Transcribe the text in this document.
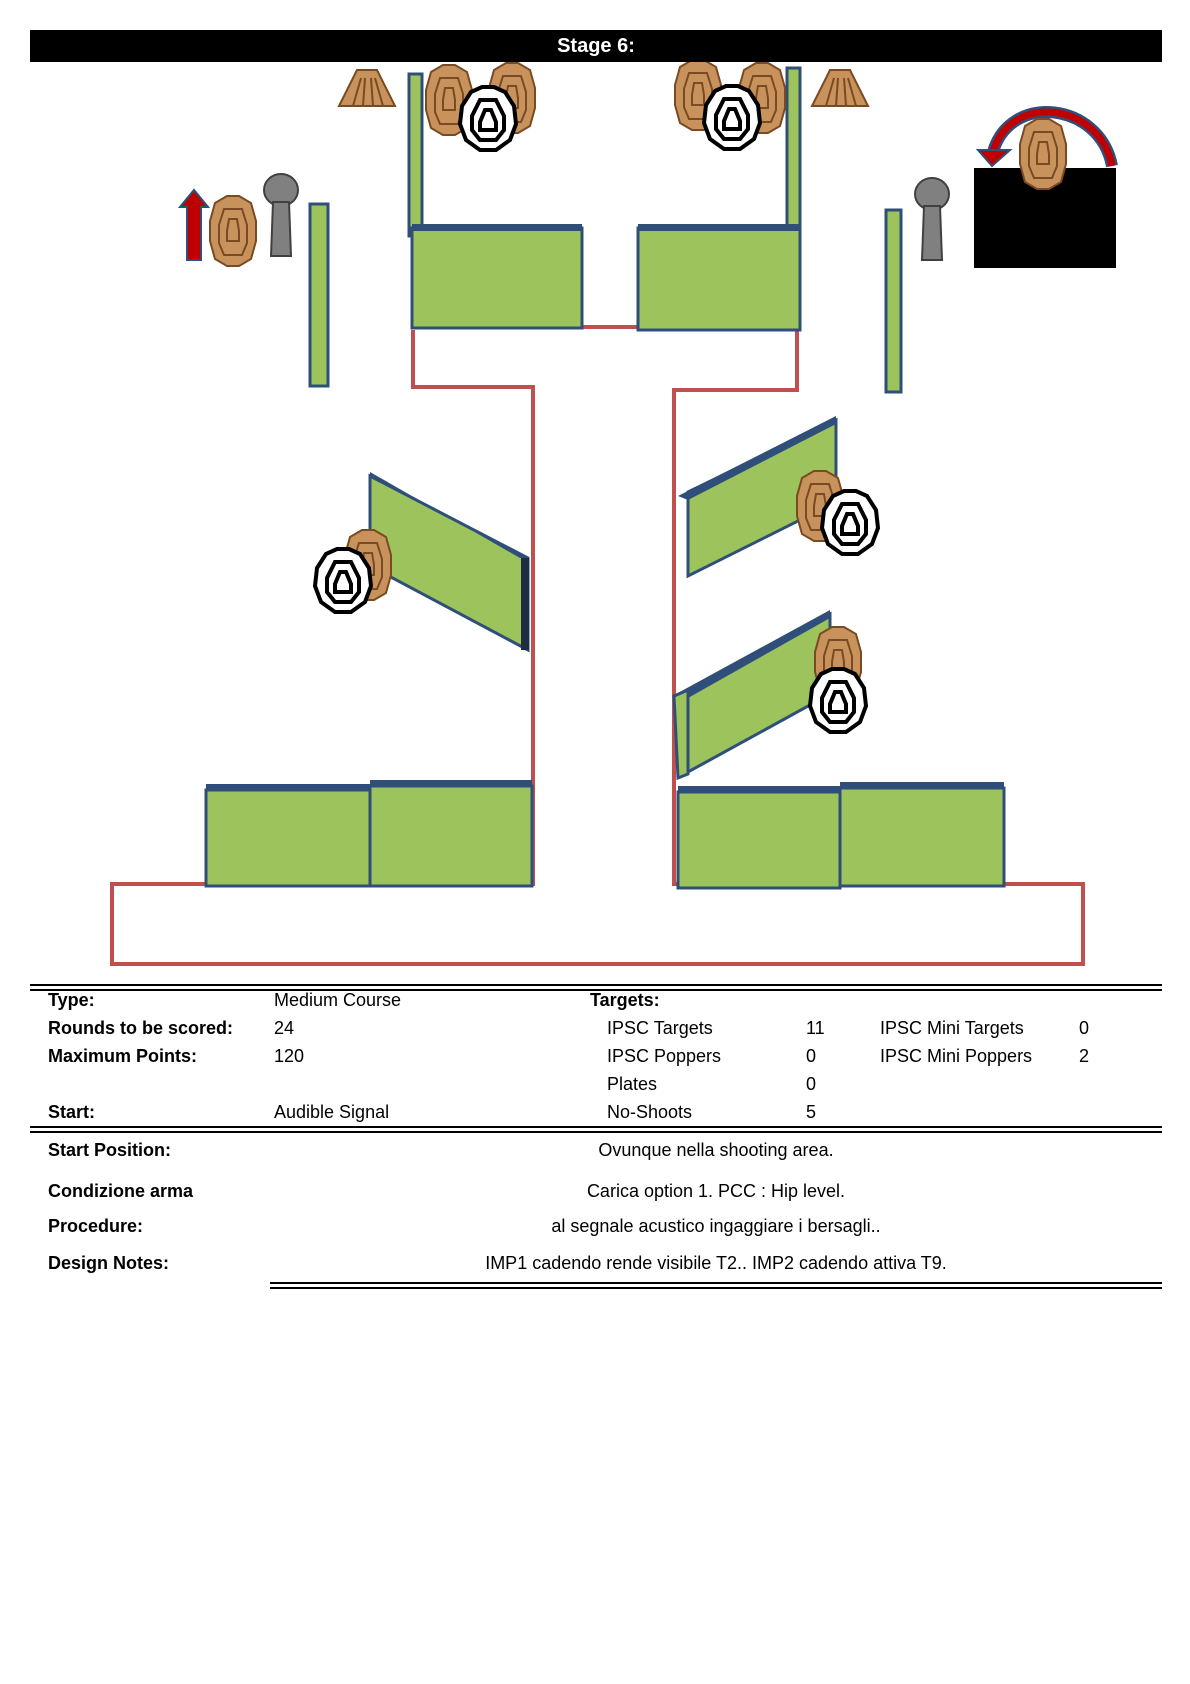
Stage 6:
Type:	Medium Course	Targets:
Rounds to be scored: 24	IPSC Targets	11	IPSC Mini Targets	0
Maximum Points:	120	IPSC Poppers	0	IPSC Mini Poppers	2
Plates	0
Start:	Audible Signal	No-Shoots	5
Start Position:	Ovunque nella shooting area.
Condizione arma	Carica option 1. PCC : Hip level.
Procedure:	al segnale acustico ingaggiare i bersagli..
Design Notes:	IMP1 cadendo rende visibile T2.. IMP2 cadendo attiva T9.
